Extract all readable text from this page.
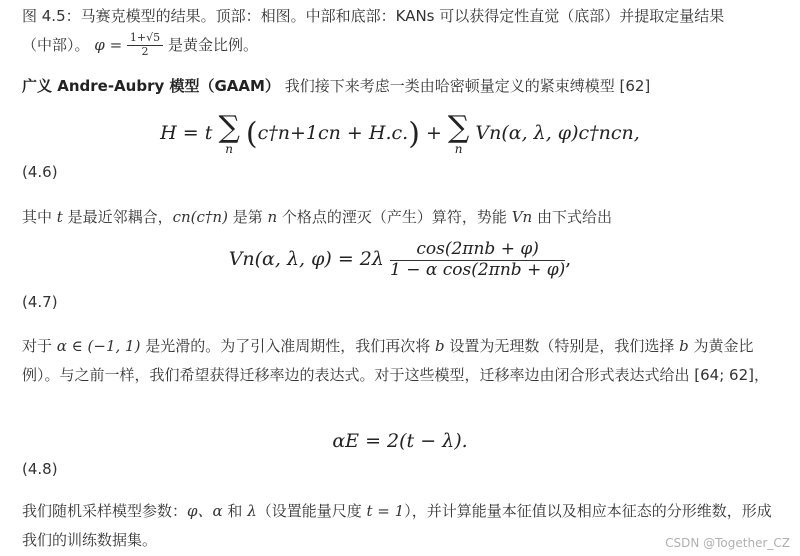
图 4.5：马赛克模型的结果。顶部：相图。中部和底部：KANs 可以获得定性直觉（底部）并提取定量结果
（中部）。 $\varphi = \frac{1+√5}{2}$ 是黄金比例。
广义 Andre-Aubry 模型（GAAM） 我们接下来考虑一类由哈密顿量定义的紧束缚模型 [62]
H = t ∑
n (c†n+1cn + H.c.) + ∑
n
Vn(α, λ, φ)c†ncn,
(4.6)
其中 t 是最近邻耦合，cn(c†n) 是第 n 个格点的湮灭（产生）算符，势能 Vn 由下式给出
Vn(α, λ, $\varphi) = 2\lambda \frac{\text{cos(2πnb + φ)}}{\text{1 − α cos(2πnb + φ)}}$ ,
(4.7)
对于 α ∈ (−1, 1) 是光滑的。为了引入准周期性，我们再次将 b 设置为无理数（特别是，我们选择 b 为黄金比例）。与之前一样，我们希望获得迁移率边的表达式。对于这些模型，迁移率边由闭合形式表达式给出 [64; 62]，
αE = 2(t − λ).
(4.8)
我们随机采样模型参数：φ、α 和 λ（设置能量尺度 t = 1），并计算能量本征值以及相应本征态的分形维数，形成我们的训练数据集。	CSDN @Together_CZ
